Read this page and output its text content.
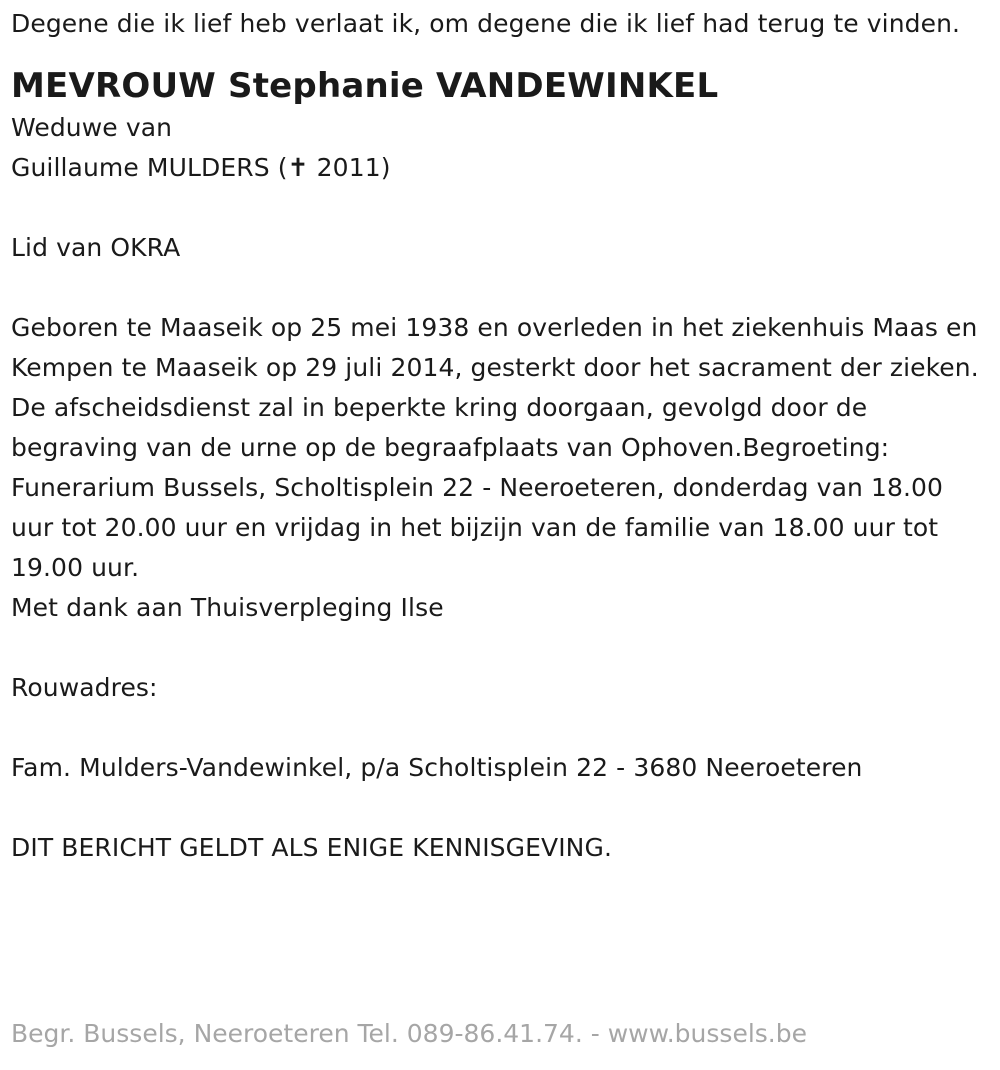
Degene die ik lief heb verlaat ik, om degene die ik lief had terug te vinden.

MEVROUW Stephanie VANDEWINKEL
Weduwe van
Guillaume MULDERS (✝ 2011)
Lid van OKRA

Geboren te Maaseik op 25 mei 1938 en overleden in het ziekenhuis Maas en Kempen te Maaseik op 29 juli 2014, gesterkt door het sacrament der zieken.

De afscheidsdienst zal in beperkte kring doorgaan, gevolgd door de begraving van de urne op de begraafplaats van Ophoven.Begroeting: Funerarium Bussels, Scholtisplein 22 - Neeroeteren, donderdag van 18.00 uur tot 20.00 uur en vrijdag in het bijzijn van de familie van 18.00 uur tot 19.00 uur.

Met dank aan Thuisverpleging Ilse

Rouwadres:
Fam. Mulders-Vandewinkel, p/a Scholtisplein 22 - 3680 Neeroeteren
DIT BERICHT GELDT ALS ENIGE KENNISGEVING.
Begr. Bussels, Neeroeteren Tel. 089-86.41.74. - www.bussels.be
